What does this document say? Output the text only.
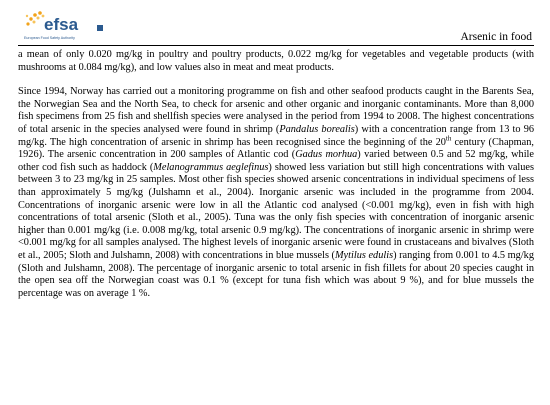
efsa
European Food Safety Authority	Arsenic in food

a mean of only 0.020 mg/kg in poultry and poultry products, 0.022 mg/kg for vegetables and vegetable products (with mushrooms at 0.084 mg/kg), and low values also in meat and meat products.

Since 1994, Norway has carried out a monitoring programme on fish and other seafood products caught in the Barents Sea, the Norwegian Sea and the North Sea, to check for arsenic and other organic and inorganic contaminants. More than 8,000 fish specimens from 25 fish and shellfish species were analysed in the period from 1994 to 2008. The highest concentrations of total arsenic in the species analysed were found in shrimp (Pandalus borealis) with a concentration range from 13 to 96 mg/kg. The high concentration of arsenic in shrimp has been recognised since the beginning of the 20th century (Chapman, 1926). The arsenic concentration in 200 samples of Atlantic cod (Gadus morhua) varied between 0.5 and 52 mg/kg, while other cod fish such as haddock (Melanogrammus aeglefinus) showed less variation but still high concentrations with values between 3 to 23 mg/kg in 25 samples. Most other fish species showed arsenic concentrations in individual specimens of less than approximately 5 mg/kg (Julshamn et al., 2004). Inorganic arsenic was included in the programme from 2004. Concentrations of inorganic arsenic were low in all the Atlantic cod analysed (<0.001 mg/kg), even in fish with high concentrations of total arsenic (Sloth et al., 2005). Tuna was the only fish species with concentration of inorganic arsenic higher than 0.001 mg/kg (i.e. 0.008 mg/kg, total arsenic 0.9 mg/kg). The concentrations of inorganic arsenic in shrimp were <0.001 mg/kg for all samples analysed. The highest levels of inorganic arsenic were found in crustaceans and bivalves (Sloth et al., 2005; Sloth and Julshamn, 2008) with concentrations in blue mussels (Mytilus edulis) ranging from 0.001 to 4.5 mg/kg (Sloth and Julshamn, 2008). The percentage of inorganic arsenic to total arsenic in fish fillets for about 20 species caught in the open sea off the Norwegian coast was 0.1 % (except for tuna fish which was about 9 %), and for blue mussels the percentage was on average 1 %.
